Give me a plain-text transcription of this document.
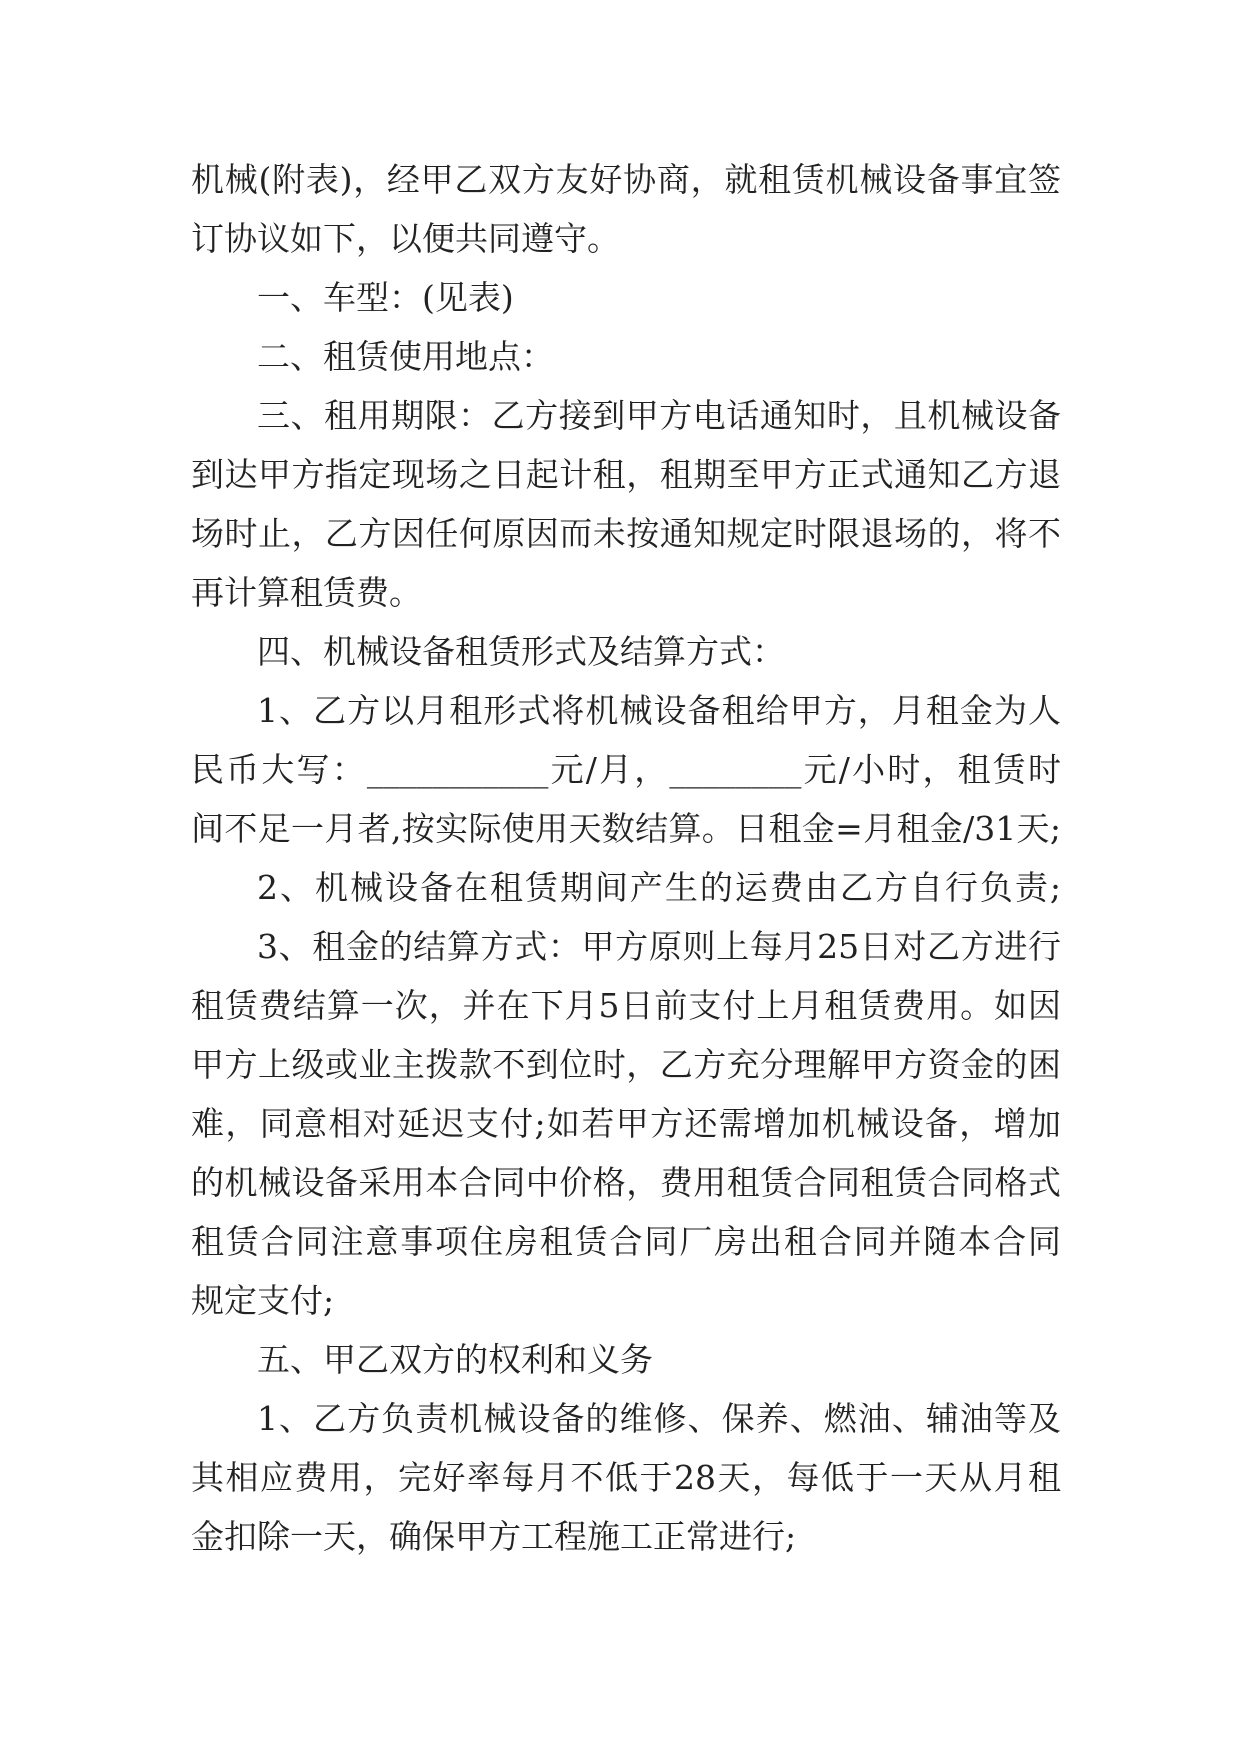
机械(附表)，经甲乙双方友好协商，就租赁机械设备事宜签
订协议如下，以便共同遵守。
一、车型：(见表)
二、租赁使用地点：
三、租用期限：乙方接到甲方电话通知时，且机械设备
到达甲方指定现场之日起计租，租期至甲方正式通知乙方退
场时止，乙方因任何原因而未按通知规定时限退场的，将不
再计算租赁费。
四、机械设备租赁形式及结算方式：
1、乙方以月租形式将机械设备租给甲方，月租金为人
民币大写：___________元/月，________元/小时，租赁时
间不足一月者,按实际使用天数结算。日租金=月租金/31天;
2、机械设备在租赁期间产生的运费由乙方自行负责;
3、租金的结算方式：甲方原则上每月25日对乙方进行
租赁费结算一次，并在下月5日前支付上月租赁费用。如因
甲方上级或业主拨款不到位时，乙方充分理解甲方资金的困
难，同意相对延迟支付;如若甲方还需增加机械设备，增加
的机械设备采用本合同中价格，费用租赁合同租赁合同格式
租赁合同注意事项住房租赁合同厂房出租合同并随本合同
规定支付;
五、甲乙双方的权利和义务
1、乙方负责机械设备的维修、保养、燃油、辅油等及
其相应费用，完好率每月不低于28天，每低于一天从月租
金扣除一天，确保甲方工程施工正常进行;
